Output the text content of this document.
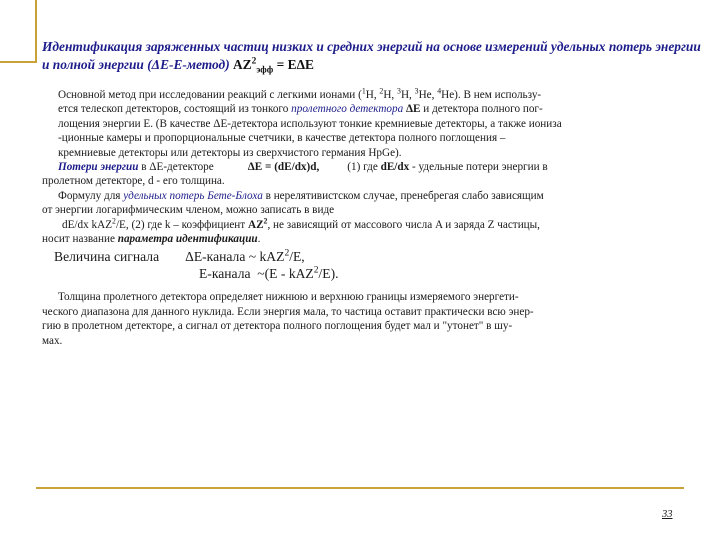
Идентификация заряженных частиц низких и средних энергий на основе измерений удельных потерь энергии и полной энергии (ΔE-E-метод) $AZ^2_{эфф} = E\Delta E$

Основной метод при исследовании реакций с легкими ионами ($^1$H, $^2$H, $^3$H, $^3$He, $^4$He). В нем использу-
ется телескоп детекторов, состоящий из тонкого пролетного детектора ΔE и детектора полного пог-
лощения энергии E. (В качестве ΔE-детектора используют тонкие кремниевые детекторы, а также иониза
-ционные камеры и пропорциональные счетчики, в качестве детектора полного поглощения –
кремниевые детекторы или детекторы из сверхчистого германия HpGe).

Потери энергии в ΔE-детекторе	ΔE = (dE/dx)d,	(1) где dE/dx - удельные потери энергии в
пролетном детекторе, d - его толщина.

Формулу для удельных потерь Бете-Блоха в нерелятивистском случае, пренебрегая слабо зависящим
от энергии логарифмическим членом, можно записать в виде
dE/dx kAZ$^2$/E, (2) где k – коэффициент $AZ^2$, не зависящий от массового числа A и заряда Z частицы,
носит название параметра идентификации.

Величина сигнала ΔE-канала ~ kAZ$^2$/E,
E-канала  ~(E - kAZ$^2$/E).

Толщина пролетного детектора определяет нижнюю и верхнюю границы измеряемого энергети-
ческого диапазона для данного нуклида. Если энергия мала, то частица оставит практически всю энер-
гию в пролетном детекторе, а сигнал от детектора полного поглощения будет мал и "утонет" в шу-
мах.

33
